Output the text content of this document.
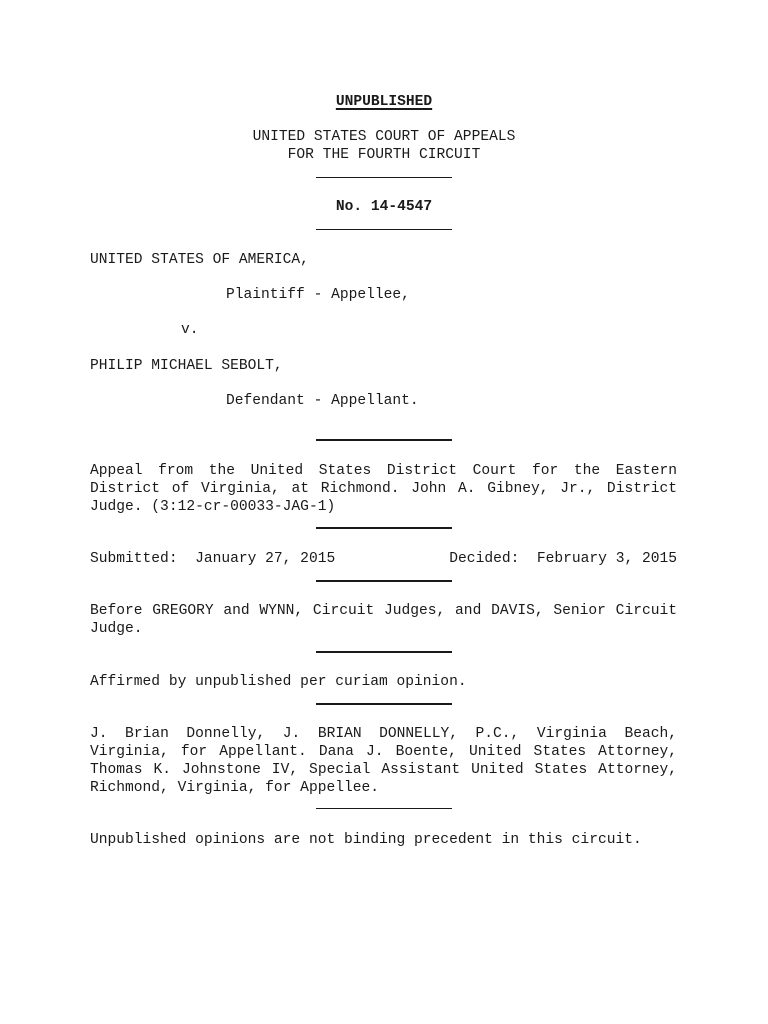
UNPUBLISHED
UNITED STATES COURT OF APPEALS
FOR THE FOURTH CIRCUIT
No. 14-4547
UNITED STATES OF AMERICA,
Plaintiff - Appellee,
v.
PHILIP MICHAEL SEBOLT,
Defendant - Appellant.
Appeal from the United States District Court for the Eastern District of Virginia, at Richmond. John A. Gibney, Jr., District Judge. (3:12-cr-00033-JAG-1)
Submitted:  January 27, 2015	Decided:  February 3, 2015
Before GREGORY and WYNN, Circuit Judges, and DAVIS, Senior Circuit Judge.
Affirmed by unpublished per curiam opinion.
J. Brian Donnelly, J. BRIAN DONNELLY, P.C., Virginia Beach, Virginia, for Appellant. Dana J. Boente, United States Attorney, Thomas K. Johnstone IV, Special Assistant United States Attorney, Richmond, Virginia, for Appellee.
Unpublished opinions are not binding precedent in this circuit.
